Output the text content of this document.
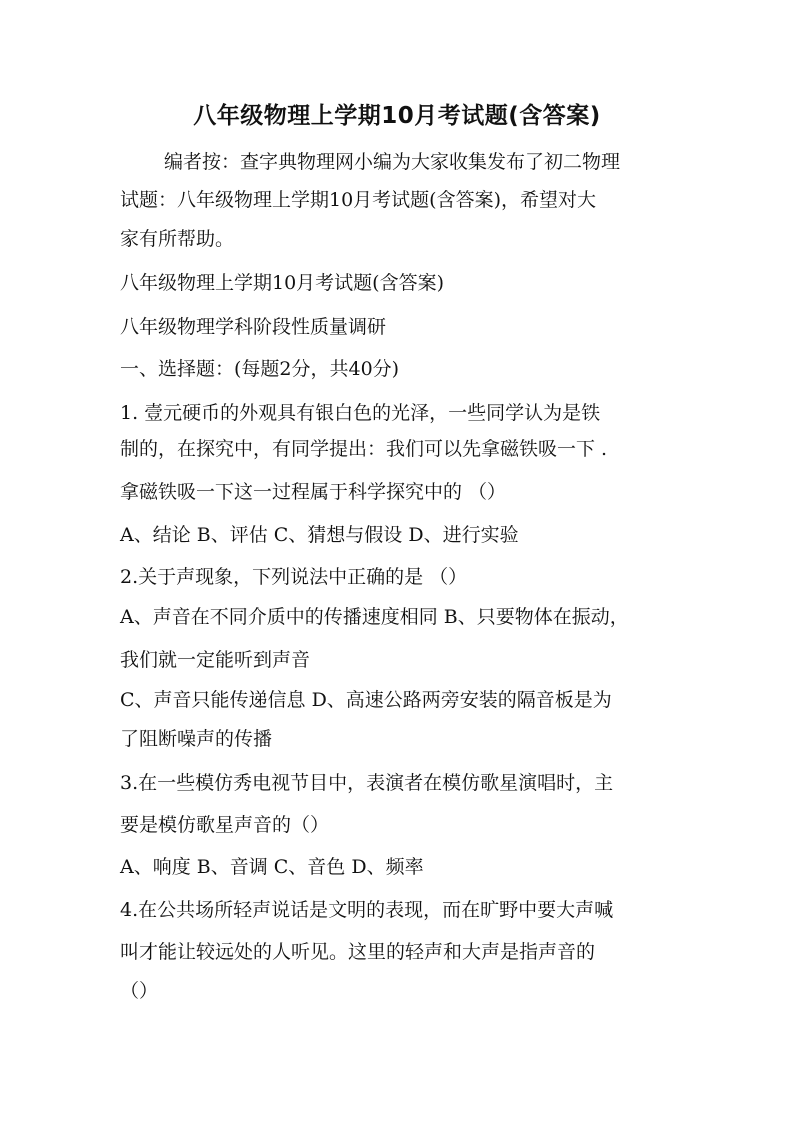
八年级物理上学期10月考试题(含答案)
编者按：查字典物理网小编为大家收集发布了初二物理
试题：八年级物理上学期10月考试题(含答案)，希望对大
家有所帮助。
八年级物理上学期10月考试题(含答案)
八年级物理学科阶段性质量调研
一、选择题：(每题2分，共40分)
1. 壹元硬币的外观具有银白色的光泽，一些同学认为是铁
制的，在探究中，有同学提出：我们可以先拿磁铁吸一下 .
拿磁铁吸一下这一过程属于科学探究中的 （）
A、结论 B、评估 C、猜想与假设 D、进行实验
2.关于声现象，下列说法中正确的是 （）
A、声音在不同介质中的传播速度相同 B、只要物体在振动，
我们就一定能听到声音
C、声音只能传递信息 D、高速公路两旁安装的隔音板是为
了阻断噪声的传播
3.在一些模仿秀电视节目中，表演者在模仿歌星演唱时，主
要是模仿歌星声音的（）
A、响度 B、音调 C、音色 D、频率
4.在公共场所轻声说话是文明的表现，而在旷野中要大声喊
叫才能让较远处的人听见。这里的轻声和大声是指声音的
（）
